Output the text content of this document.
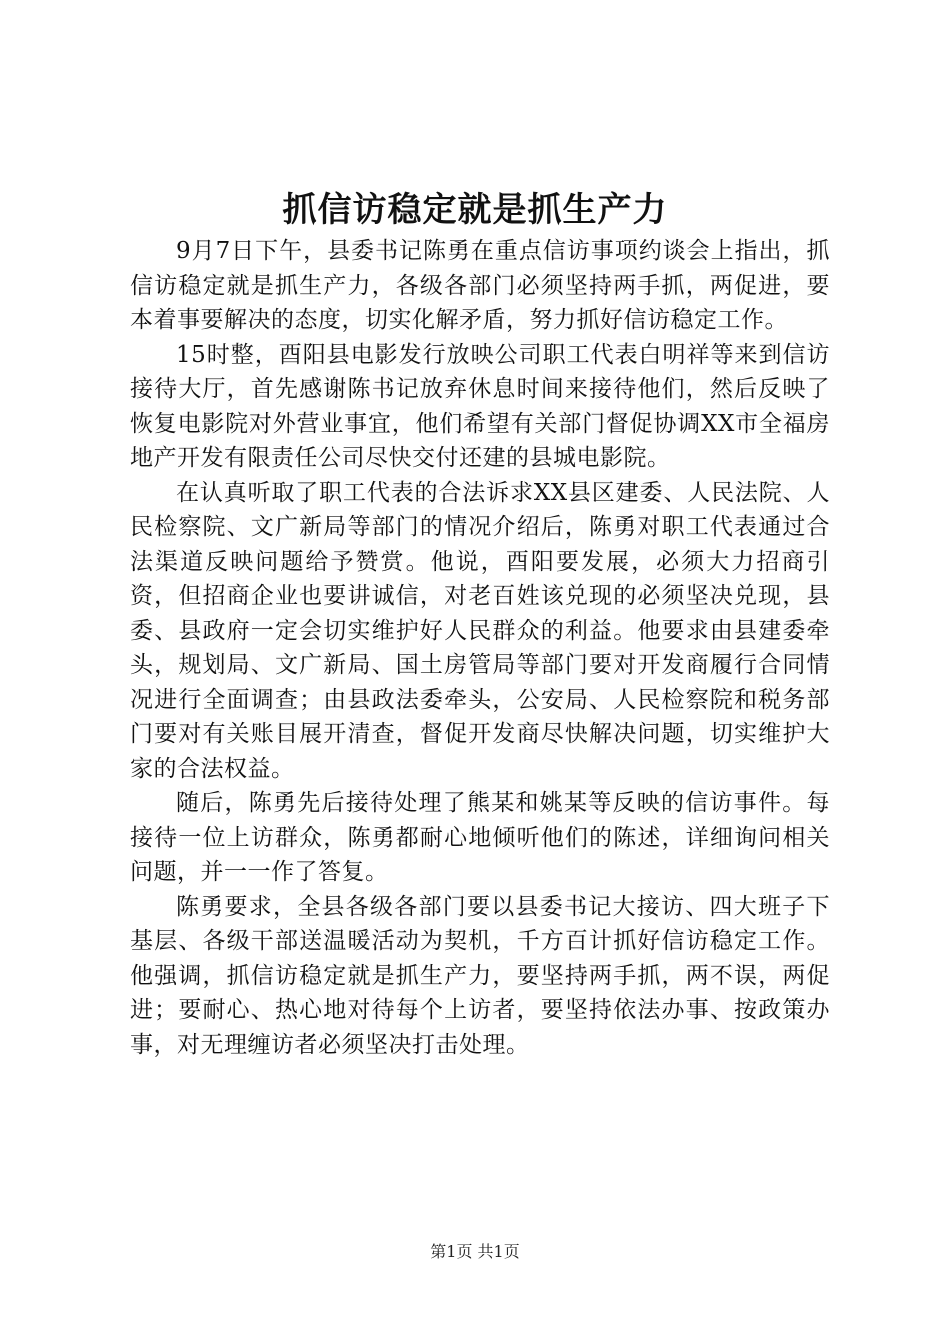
抓信访稳定就是抓生产力

9月7日下午，县委书记陈勇在重点信访事项约谈会上指出，抓信访稳定就是抓生产力，各级各部门必须坚持两手抓，两促进，要本着事要解决的态度，切实化解矛盾，努力抓好信访稳定工作。

15时整，酉阳县电影发行放映公司职工代表白明祥等来到信访接待大厅，首先感谢陈书记放弃休息时间来接待他们，然后反映了恢复电影院对外营业事宜，他们希望有关部门督促协调XX市全福房地产开发有限责任公司尽快交付还建的县城电影院。

在认真听取了职工代表的合法诉求XX县区建委、人民法院、人民检察院、文广新局等部门的情况介绍后，陈勇对职工代表通过合法渠道反映问题给予赞赏。他说，酉阳要发展，必须大力招商引资，但招商企业也要讲诚信，对老百姓该兑现的必须坚决兑现，县委、县政府一定会切实维护好人民群众的利益。他要求由县建委牵头，规划局、文广新局、国土房管局等部门要对开发商履行合同情况进行全面调查；由县政法委牵头，公安局、人民检察院和税务部门要对有关账目展开清查，督促开发商尽快解决问题，切实维护大家的合法权益。

随后，陈勇先后接待处理了熊某和姚某等反映的信访事件。每接待一位上访群众，陈勇都耐心地倾听他们的陈述，详细询问相关问题，并一一作了答复。

陈勇要求，全县各级各部门要以县委书记大接访、四大班子下基层、各级干部送温暖活动为契机，千方百计抓好信访稳定工作。他强调，抓信访稳定就是抓生产力，要坚持两手抓，两不误，两促进；要耐心、热心地对待每个上访者，要坚持依法办事、按政策办事，对无理缠访者必须坚决打击处理。

第1页 共1页
